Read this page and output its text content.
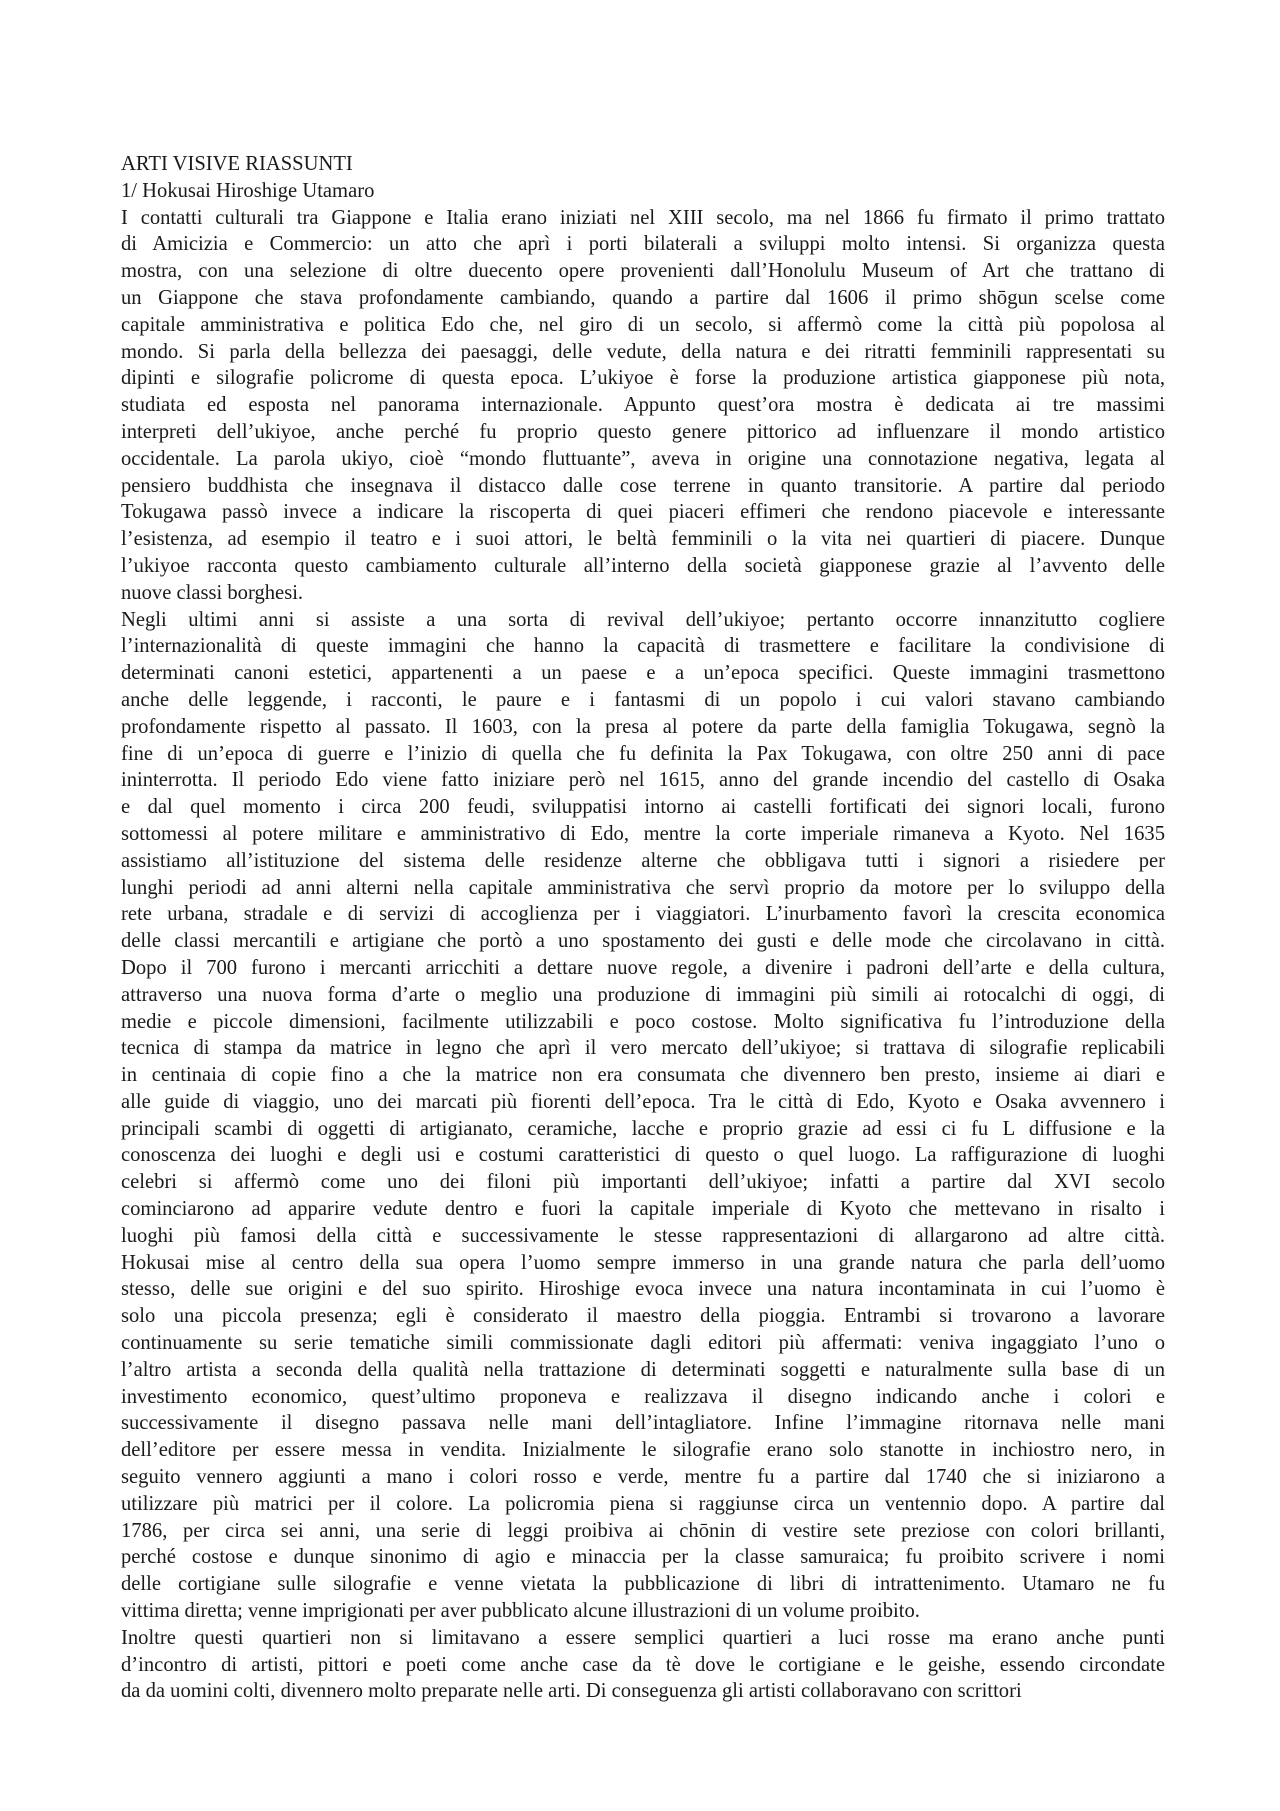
ARTI VISIVE RIASSUNTI
1/ Hokusai Hiroshige Utamaro
I contatti culturali tra Giappone e Italia erano iniziati nel XIII secolo, ma nel 1866 fu firmato il primo trattato
di Amicizia e Commercio: un atto che aprì i porti bilaterali a sviluppi molto intensi. Si organizza questa
mostra, con una selezione di oltre duecento opere provenienti dall’Honolulu Museum of Art che trattano di
un Giappone che stava profondamente cambiando, quando a partire dal 1606 il primo shōgun scelse come
capitale amministrativa e politica Edo che, nel giro di un secolo, si affermò come la città più popolosa al
mondo. Si parla della bellezza dei paesaggi, delle vedute, della natura e dei ritratti femminili rappresentati su
dipinti e silografie policrome di questa epoca. L’ukiyoe è forse la produzione artistica giapponese più nota,
studiata ed esposta nel panorama internazionale. Appunto quest’ora mostra è dedicata ai tre massimi
interpreti dell’ukiyoe, anche perché fu proprio questo genere pittorico ad influenzare il mondo artistico
occidentale. La parola ukiyo, cioè “mondo fluttuante”, aveva in origine una connotazione negativa, legata al
pensiero buddhista che insegnava il distacco dalle cose terrene in quanto transitorie. A partire dal periodo
Tokugawa passò invece a indicare la riscoperta di quei piaceri effimeri che rendono piacevole e interessante
l’esistenza, ad esempio il teatro e i suoi attori, le beltà femminili o la vita nei quartieri di piacere. Dunque
l’ukiyoe racconta questo cambiamento culturale all’interno della società giapponese grazie al l’avvento delle
nuove classi borghesi.
Negli ultimi anni si assiste a una sorta di revival dell’ukiyoe; pertanto occorre innanzitutto cogliere
l’internazionalità di queste immagini che hanno la capacità di trasmettere e facilitare la condivisione di
determinati canoni estetici, appartenenti a un paese e a un’epoca specifici. Queste immagini trasmettono
anche delle leggende, i racconti, le paure e i fantasmi di un popolo i cui valori stavano cambiando
profondamente rispetto al passato. Il 1603, con la presa al potere da parte della famiglia Tokugawa, segnò la
fine di un’epoca di guerre e l’inizio di quella che fu definita la Pax Tokugawa, con oltre 250 anni di pace
ininterrotta. Il periodo Edo viene fatto iniziare però nel 1615, anno del grande incendio del castello di Osaka
e dal quel momento i circa 200 feudi, sviluppatisi intorno ai castelli fortificati dei signori locali, furono
sottomessi al potere militare e amministrativo di Edo, mentre la corte imperiale rimaneva a Kyoto. Nel 1635
assistiamo all’istituzione del sistema delle residenze alterne che obbligava tutti i signori a risiedere per
lunghi periodi ad anni alterni nella capitale amministrativa che servì proprio da motore per lo sviluppo della
rete urbana, stradale e di servizi di accoglienza per i viaggiatori. L’inurbamento favorì la crescita economica
delle classi mercantili e artigiane che portò a uno spostamento dei gusti e delle mode che circolavano in città.
Dopo il 700 furono i mercanti arricchiti a dettare nuove regole, a divenire i padroni dell’arte e della cultura,
attraverso una nuova forma d’arte o meglio una produzione di immagini più simili ai rotocalchi di oggi, di
medie e piccole dimensioni, facilmente utilizzabili e poco costose. Molto significativa fu l’introduzione della
tecnica di stampa da matrice in legno che aprì il vero mercato dell’ukiyoe; si trattava di silografie replicabili
in centinaia di copie fino a che la matrice non era consumata che divennero ben presto, insieme ai diari e
alle guide di viaggio, uno dei marcati più fiorenti dell’epoca. Tra le città di Edo, Kyoto e Osaka avvennero i
principali scambi di oggetti di artigianato, ceramiche, lacche e proprio grazie ad essi ci fu L diffusione e la
conoscenza dei luoghi e degli usi e costumi caratteristici di questo o quel luogo. La raffigurazione di luoghi
celebri si affermò come uno dei filoni più importanti dell’ukiyoe; infatti a partire dal XVI secolo
cominciarono ad apparire vedute dentro e fuori la capitale imperiale di Kyoto che mettevano in risalto i
luoghi più famosi della città e successivamente le stesse rappresentazioni di allargarono ad altre città.
Hokusai mise al centro della sua opera l’uomo sempre immerso in una grande natura che parla dell’uomo
stesso, delle sue origini e del suo spirito. Hiroshige evoca invece una natura incontaminata in cui l’uomo è
solo una piccola presenza; egli è considerato il maestro della pioggia. Entrambi si trovarono a lavorare
continuamente su serie tematiche simili commissionate dagli editori più affermati: veniva ingaggiato l’uno o
l’altro artista a seconda della qualità nella trattazione di determinati soggetti e naturalmente sulla base di un
investimento economico, quest’ultimo proponeva e realizzava il disegno indicando anche i colori e
successivamente il disegno passava nelle mani dell’intagliatore. Infine l’immagine ritornava nelle mani
dell’editore per essere messa in vendita. Inizialmente le silografie erano solo stanotte in inchiostro nero, in
seguito vennero aggiunti a mano i colori rosso e verde, mentre fu a partire dal 1740 che si iniziarono a
utilizzare più matrici per il colore. La policromia piena si raggiunse circa un ventennio dopo. A partire dal
1786, per circa sei anni, una serie di leggi proibiva ai chōnin di vestire sete preziose con colori brillanti,
perché costose e dunque sinonimo di agio e minaccia per la classe samuraica; fu proibito scrivere i nomi
delle cortigiane sulle silografie e venne vietata la pubblicazione di libri di intrattenimento. Utamaro ne fu
vittima diretta; venne imprigionati per aver pubblicato alcune illustrazioni di un volume proibito.
Inoltre questi quartieri non si limitavano a essere semplici quartieri a luci rosse ma erano anche punti
d’incontro di artisti, pittori e poeti come anche case da tè dove le cortigiane e le geishe, essendo circondate
da da uomini colti, divennero molto preparate nelle arti. Di conseguenza gli artisti collaboravano con scrittori
